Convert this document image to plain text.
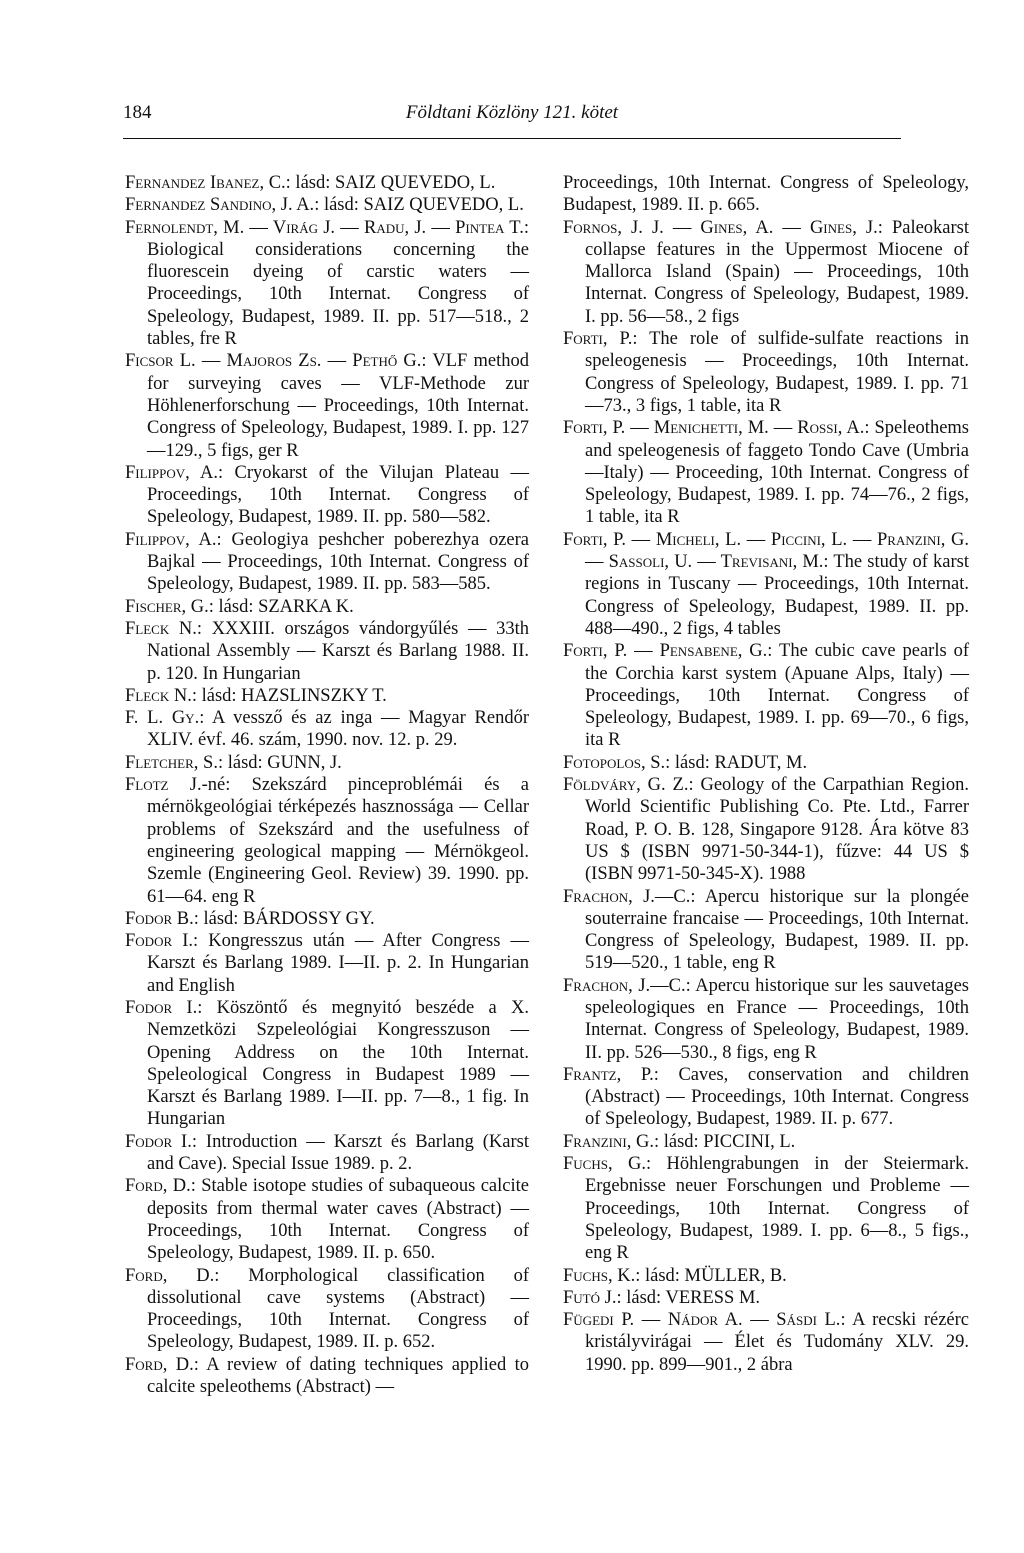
184	Földtani Közlöny 121. kötet

Fernandez Ibanez, C.: lásd: SAIZ QUEVEDO, L.

Fernandez Sandino, J. A.: lásd: SAIZ QUEVEDO, L.

Fernolendt, M. — Virág J. — Radu, J. — Pintea T.: Biological considerations concerning the fluorescein dyeing of carstic waters — Proceedings, 10th Internat. Congress of Speleology, Budapest, 1989. II. pp. 517—518., 2 tables, fre R

Ficsor L. — Majoros Zs. — Pethő G.: VLF method for surveying caves — VLF-Methode zur Höhlenerforschung — Proceedings, 10th Internat. Congress of Speleology, Budapest, 1989. I. pp. 127—129., 5 figs, ger R

Filippov, A.: Cryokarst of the Vilujan Plateau — Proceedings, 10th Internat. Congress of Speleology, Budapest, 1989. II. pp. 580—582.

Filippov, A.: Geologiya peshcher poberezhya ozera Bajkal — Proceedings, 10th Internat. Congress of Speleology, Budapest, 1989. II. pp. 583—585.

Fischer, G.: lásd: SZARKA K.

Fleck N.: XXXIII. országos vándorgyűlés — 33th National Assembly — Karszt és Barlang 1988. II. p. 120. In Hungarian

Fleck N.: lásd: HAZSLINSZKY T.

F. L. Gy.: A vessző és az inga — Magyar Rendőr XLIV. évf. 46. szám, 1990. nov. 12. p. 29.

Fletcher, S.: lásd: GUNN, J.

Flotz J.-né: Szekszárd pinceproblémái és a mérnökgeológiai térképezés hasznossága — Cellar problems of Szekszárd and the usefulness of engineering geological mapping — Mérnökgeol. Szemle (Engineering Geol. Review) 39. 1990. pp. 61—64. eng R

Fodor B.: lásd: BÁRDOSSY GY.

Fodor I.: Kongresszus után — After Congress — Karszt és Barlang 1989. I—II. p. 2. In Hungarian and English

Fodor I.: Köszöntő és megnyitó beszéde a X. Nemzetközi Szpeleológiai Kongresszuson — Opening Address on the 10th Internat. Speleological Congress in Budapest 1989 — Karszt és Barlang 1989. I—II. pp. 7—8., 1 fig. In Hungarian

Fodor I.: Introduction — Karszt és Barlang (Karst and Cave). Special Issue 1989. p. 2.

Ford, D.: Stable isotope studies of subaqueous calcite deposits from thermal water caves (Abstract) — Proceedings, 10th Internat. Congress of Speleology, Budapest, 1989. II. p. 650.

Ford, D.: Morphological classification of dissolutional cave systems (Abstract) — Proceedings, 10th Internat. Congress of Speleology, Budapest, 1989. II. p. 652.

Ford, D.: A review of dating techniques applied to calcite speleothems (Abstract) —

Proceedings, 10th Internat. Congress of Speleology, Budapest, 1989. II. p. 665.

Fornos, J. J. — Gines, A. — Gines, J.: Paleokarst collapse features in the Uppermost Miocene of Mallorca Island (Spain) — Proceedings, 10th Internat. Congress of Speleology, Budapest, 1989. I. pp. 56—58., 2 figs

Forti, P.: The role of sulfide-sulfate reactions in speleogenesis — Proceedings, 10th Internat. Congress of Speleology, Budapest, 1989. I. pp. 71—73., 3 figs, 1 table, ita R

Forti, P. — Menichetti, M. — Rossi, A.: Speleothems and speleogenesis of faggeto Tondo Cave (Umbria—Italy) — Proceeding, 10th Internat. Congress of Speleology, Budapest, 1989. I. pp. 74—76., 2 figs, 1 table, ita R

Forti, P. — Micheli, L. — Piccini, L. — Pranzini, G. — Sassoli, U. — Trevisani, M.: The study of karst regions in Tuscany — Proceedings, 10th Internat. Congress of Speleology, Budapest, 1989. II. pp. 488—490., 2 figs, 4 tables

Forti, P. — Pensabene, G.: The cubic cave pearls of the Corchia karst system (Apuane Alps, Italy) — Proceedings, 10th Internat. Congress of Speleology, Budapest, 1989. I. pp. 69—70., 6 figs, ita R

Fotopolos, S.: lásd: RADUT, M.

Földváry, G. Z.: Geology of the Carpathian Region. World Scientific Publishing Co. Pte. Ltd., Farrer Road, P. O. B. 128, Singapore 9128. Ára kötve 83 US $ (ISBN 9971-50-344-1), fűzve: 44 US $ (ISBN 9971-50-345-X). 1988

Frachon, J.—C.: Apercu historique sur la plongée souterraine francaise — Proceedings, 10th Internat. Congress of Speleology, Budapest, 1989. II. pp. 519—520., 1 table, eng R

Frachon, J.—C.: Apercu historique sur les sauvetages speleologiques en France — Proceedings, 10th Internat. Congress of Speleology, Budapest, 1989. II. pp. 526—530., 8 figs, eng R

Frantz, P.: Caves, conservation and children (Abstract) — Proceedings, 10th Internat. Congress of Speleology, Budapest, 1989. II. p. 677.

Franzini, G.: lásd: PICCINI, L.

Fuchs, G.: Höhlengrabungen in der Steiermark. Ergebnisse neuer Forschungen und Probleme — Proceedings, 10th Internat. Congress of Speleology, Budapest, 1989. I. pp. 6—8., 5 figs., eng R

Fuchs, K.: lásd: MÜLLER, B.

Futó J.: lásd: VERESS M.

Fügedi P. — Nádor A. — Sásdi L.: A recski rézérc kristályvirágai — Élet és Tudomány XLV. 29. 1990. pp. 899—901., 2 ábra
